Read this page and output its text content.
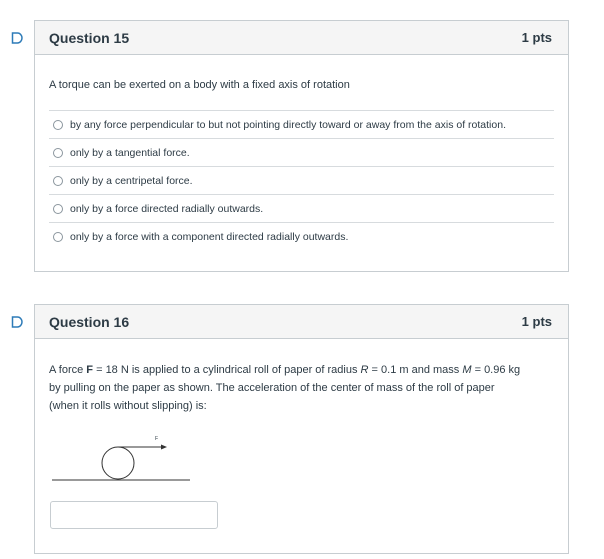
Question 15	1 pts
A torque can be exerted on a body with a fixed axis of rotation
by any force perpendicular to but not pointing directly toward or away from the axis of rotation.
only by a tangential force.
only by a centripetal force.
only by a force directed radially outwards.
only by a force with a component directed radially outwards.
Question 16	1 pts
A force F = 18 N is applied to a cylindrical roll of paper of radius R = 0.1 m and mass M = 0.96 kg
by pulling on the paper as shown. The acceleration of the center of mass of the roll of paper
(when it rolls without slipping) is:
F
